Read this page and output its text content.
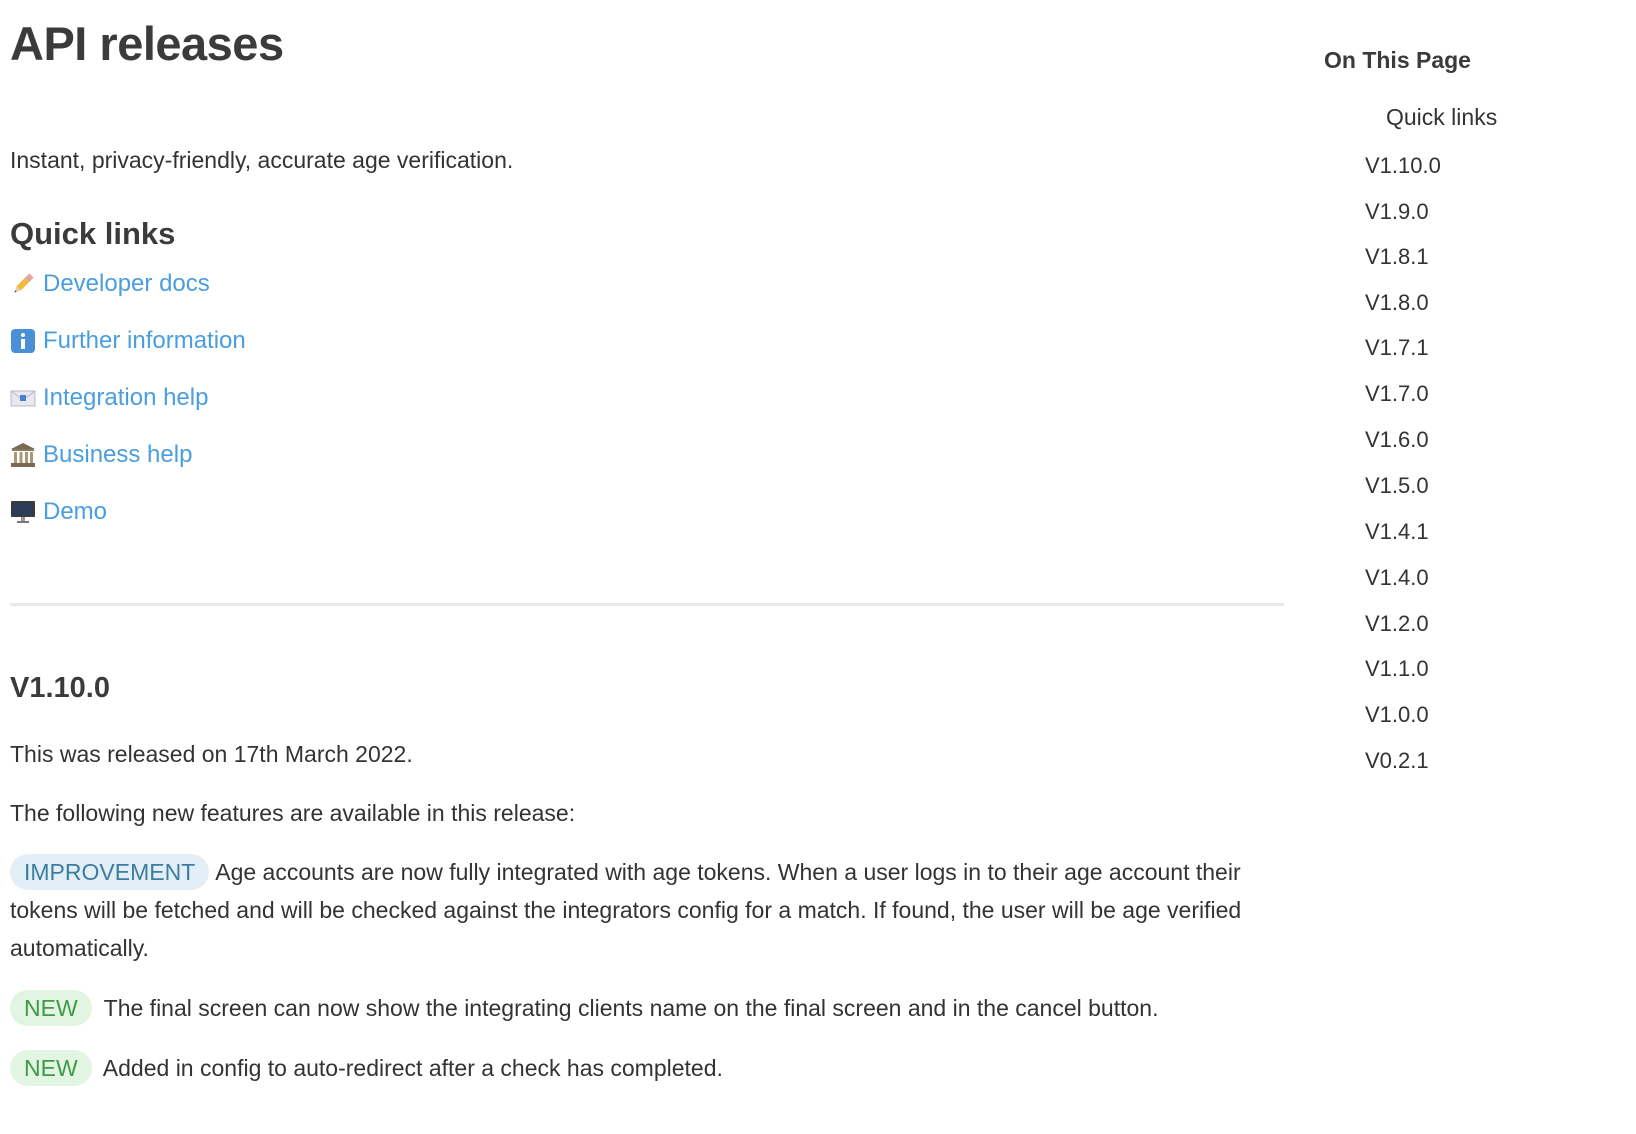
API releases

Instant, privacy-friendly, accurate age verification.

Quick links
Developer docs
Further information
Integration help
Business help
Demo
V1.10.0

This was released on 17th March 2022.

The following new features are available in this release:

IMPROVEMENT Age accounts are now fully integrated with age tokens. When a user logs in to their age account their tokens will be fetched and will be checked against the integrators config for a match. If found, the user will be age verified automatically.

NEW The final screen can now show the integrating clients name on the final screen and in the cancel button.

NEW Added in config to auto-redirect after a check has completed.

On This Page
Quick links
V1.10.0
V1.9.0
V1.8.1
V1.8.0
V1.7.1
V1.7.0
V1.6.0
V1.5.0
V1.4.1
V1.4.0
V1.2.0
V1.1.0
V1.0.0
V0.2.1
